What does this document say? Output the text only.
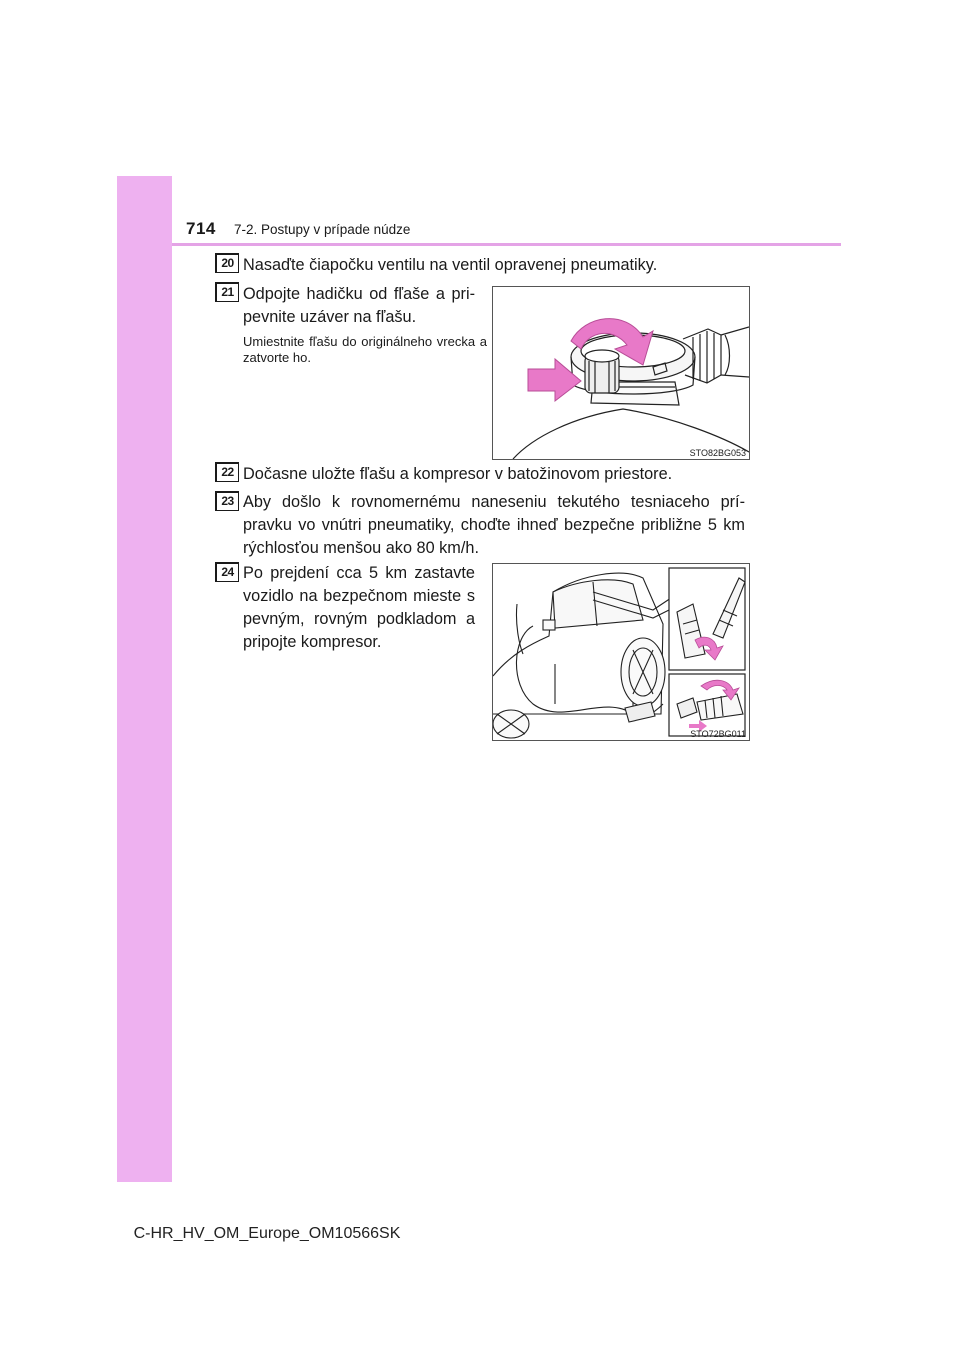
714 7-2. Postupy v prípade núdze
20 Nasaďte čiapočku ventilu na ventil opravenej pneumatiky.
21 Odpojte hadičku od fľaše a pri-pevnite uzáver na fľašu.
Umiestnite fľašu do originálneho vrecka a zatvorte ho.
STO82BG053
22 Dočasne uložte fľašu a kompresor v batožinovom priestore.
23 Aby došlo k rovnomernému naneseniu tekutého tesniaceho prí-pravku vo vnútri pneumatiky, choďte ihneď bezpečne približne 5 km rýchlosťou menšou ako 80 km/h.
24 Po prejdení cca 5 km zastavte vozidlo na bezpečnom mieste s pevným, rovným podkladom a pripojte kompresor.
STO72BG011
C-HR_HV_OM_Europe_OM10566SK
